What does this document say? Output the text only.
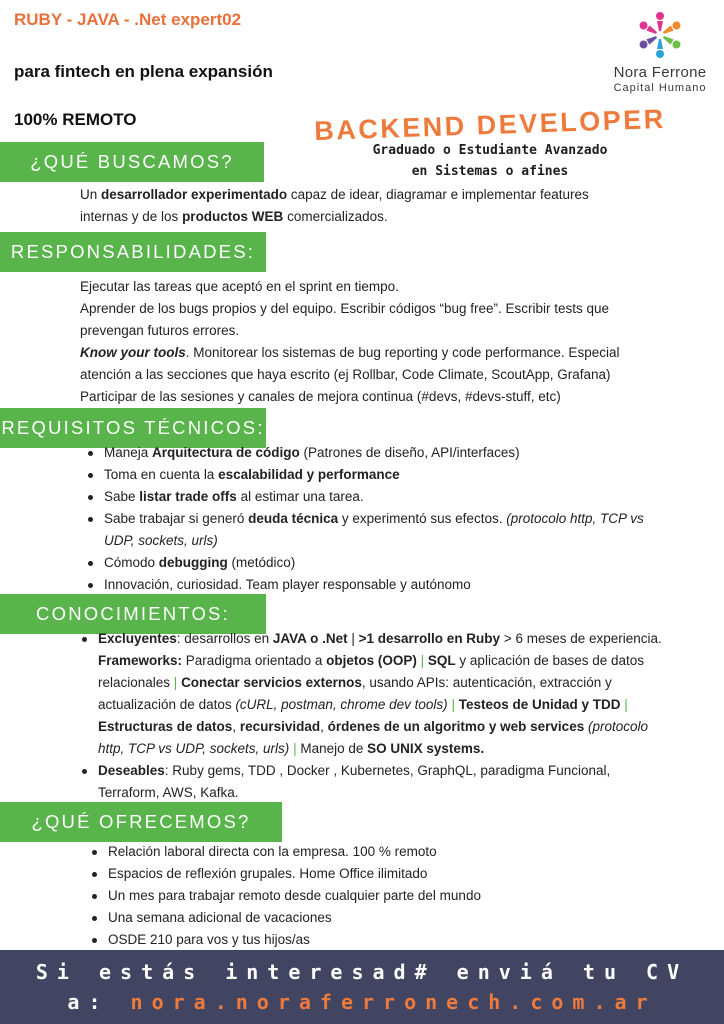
RUBY - JAVA - .Net expert02
para fintech en plena expansión
100% REMOTO
Nora Ferrone
Capital Humano
BACKEND DEVELOPER
Graduado o Estudiante Avanzado
en Sistemas o afines
¿QUÉ BUSCAMOS?
Un desarrollador experimentado capaz de idear, diagramar e implementar features internas y de los productos WEB comercializados.
RESPONSABILIDADES:

Ejecutar las tareas que aceptó en el sprint en tiempo.

Aprender de los bugs propios y del equipo. Escribir códigos “bug free”. Escribir tests que prevengan futuros errores.

Know your tools. Monitorear los sistemas de bug reporting y code performance. Especial atención a las secciones que haya escrito (ej Rollbar, Code Climate, ScoutApp, Grafana)

Participar de las sesiones y canales de mejora continua (#devs, #devs-stuff, etc)

REQUISITOS TÉCNICOS:
Maneja Arquitectura de código (Patrones de diseño, API/interfaces)
Toma en cuenta la escalabilidad y performance
Sabe listar trade offs al estimar una tarea.
Sabe trabajar si generó deuda técnica y experimentó sus efectos. (protocolo http, TCP vs UDP, sockets, urls)
Cómodo debugging (metódico)
Innovación, curiosidad. Team player responsable y autónomo
CONOCIMIENTOS:
Excluyentes: desarrollos en JAVA o .Net | >1 desarrollo en Ruby > 6 meses de experiencia. Frameworks: Paradigma orientado a objetos (OOP) | SQL y aplicación de bases de datos relacionales | Conectar servicios externos, usando APIs: autenticación, extracción y actualización de datos (cURL, postman, chrome dev tools) | Testeos de Unidad y TDD | Estructuras de datos, recursividad, órdenes de un algoritmo y web services (protocolo http, TCP vs UDP, sockets, urls) | Manejo de SO UNIX systems.
Deseables: Ruby gems, TDD , Docker , Kubernetes, GraphQL, paradigma Funcional, Terraform, AWS, Kafka.
¿QUÉ OFRECEMOS?
Relación laboral directa con la empresa. 100 % remoto
Espacios de reflexión grupales. Home Office ilimitado
Un mes para trabajar remoto desde cualquier parte del mundo
Una semana adicional de vacaciones
OSDE 210 para vos y tus hijos/as
Si estás interesad# enviá tu CV
a: nora.noraferronech.com.ar
